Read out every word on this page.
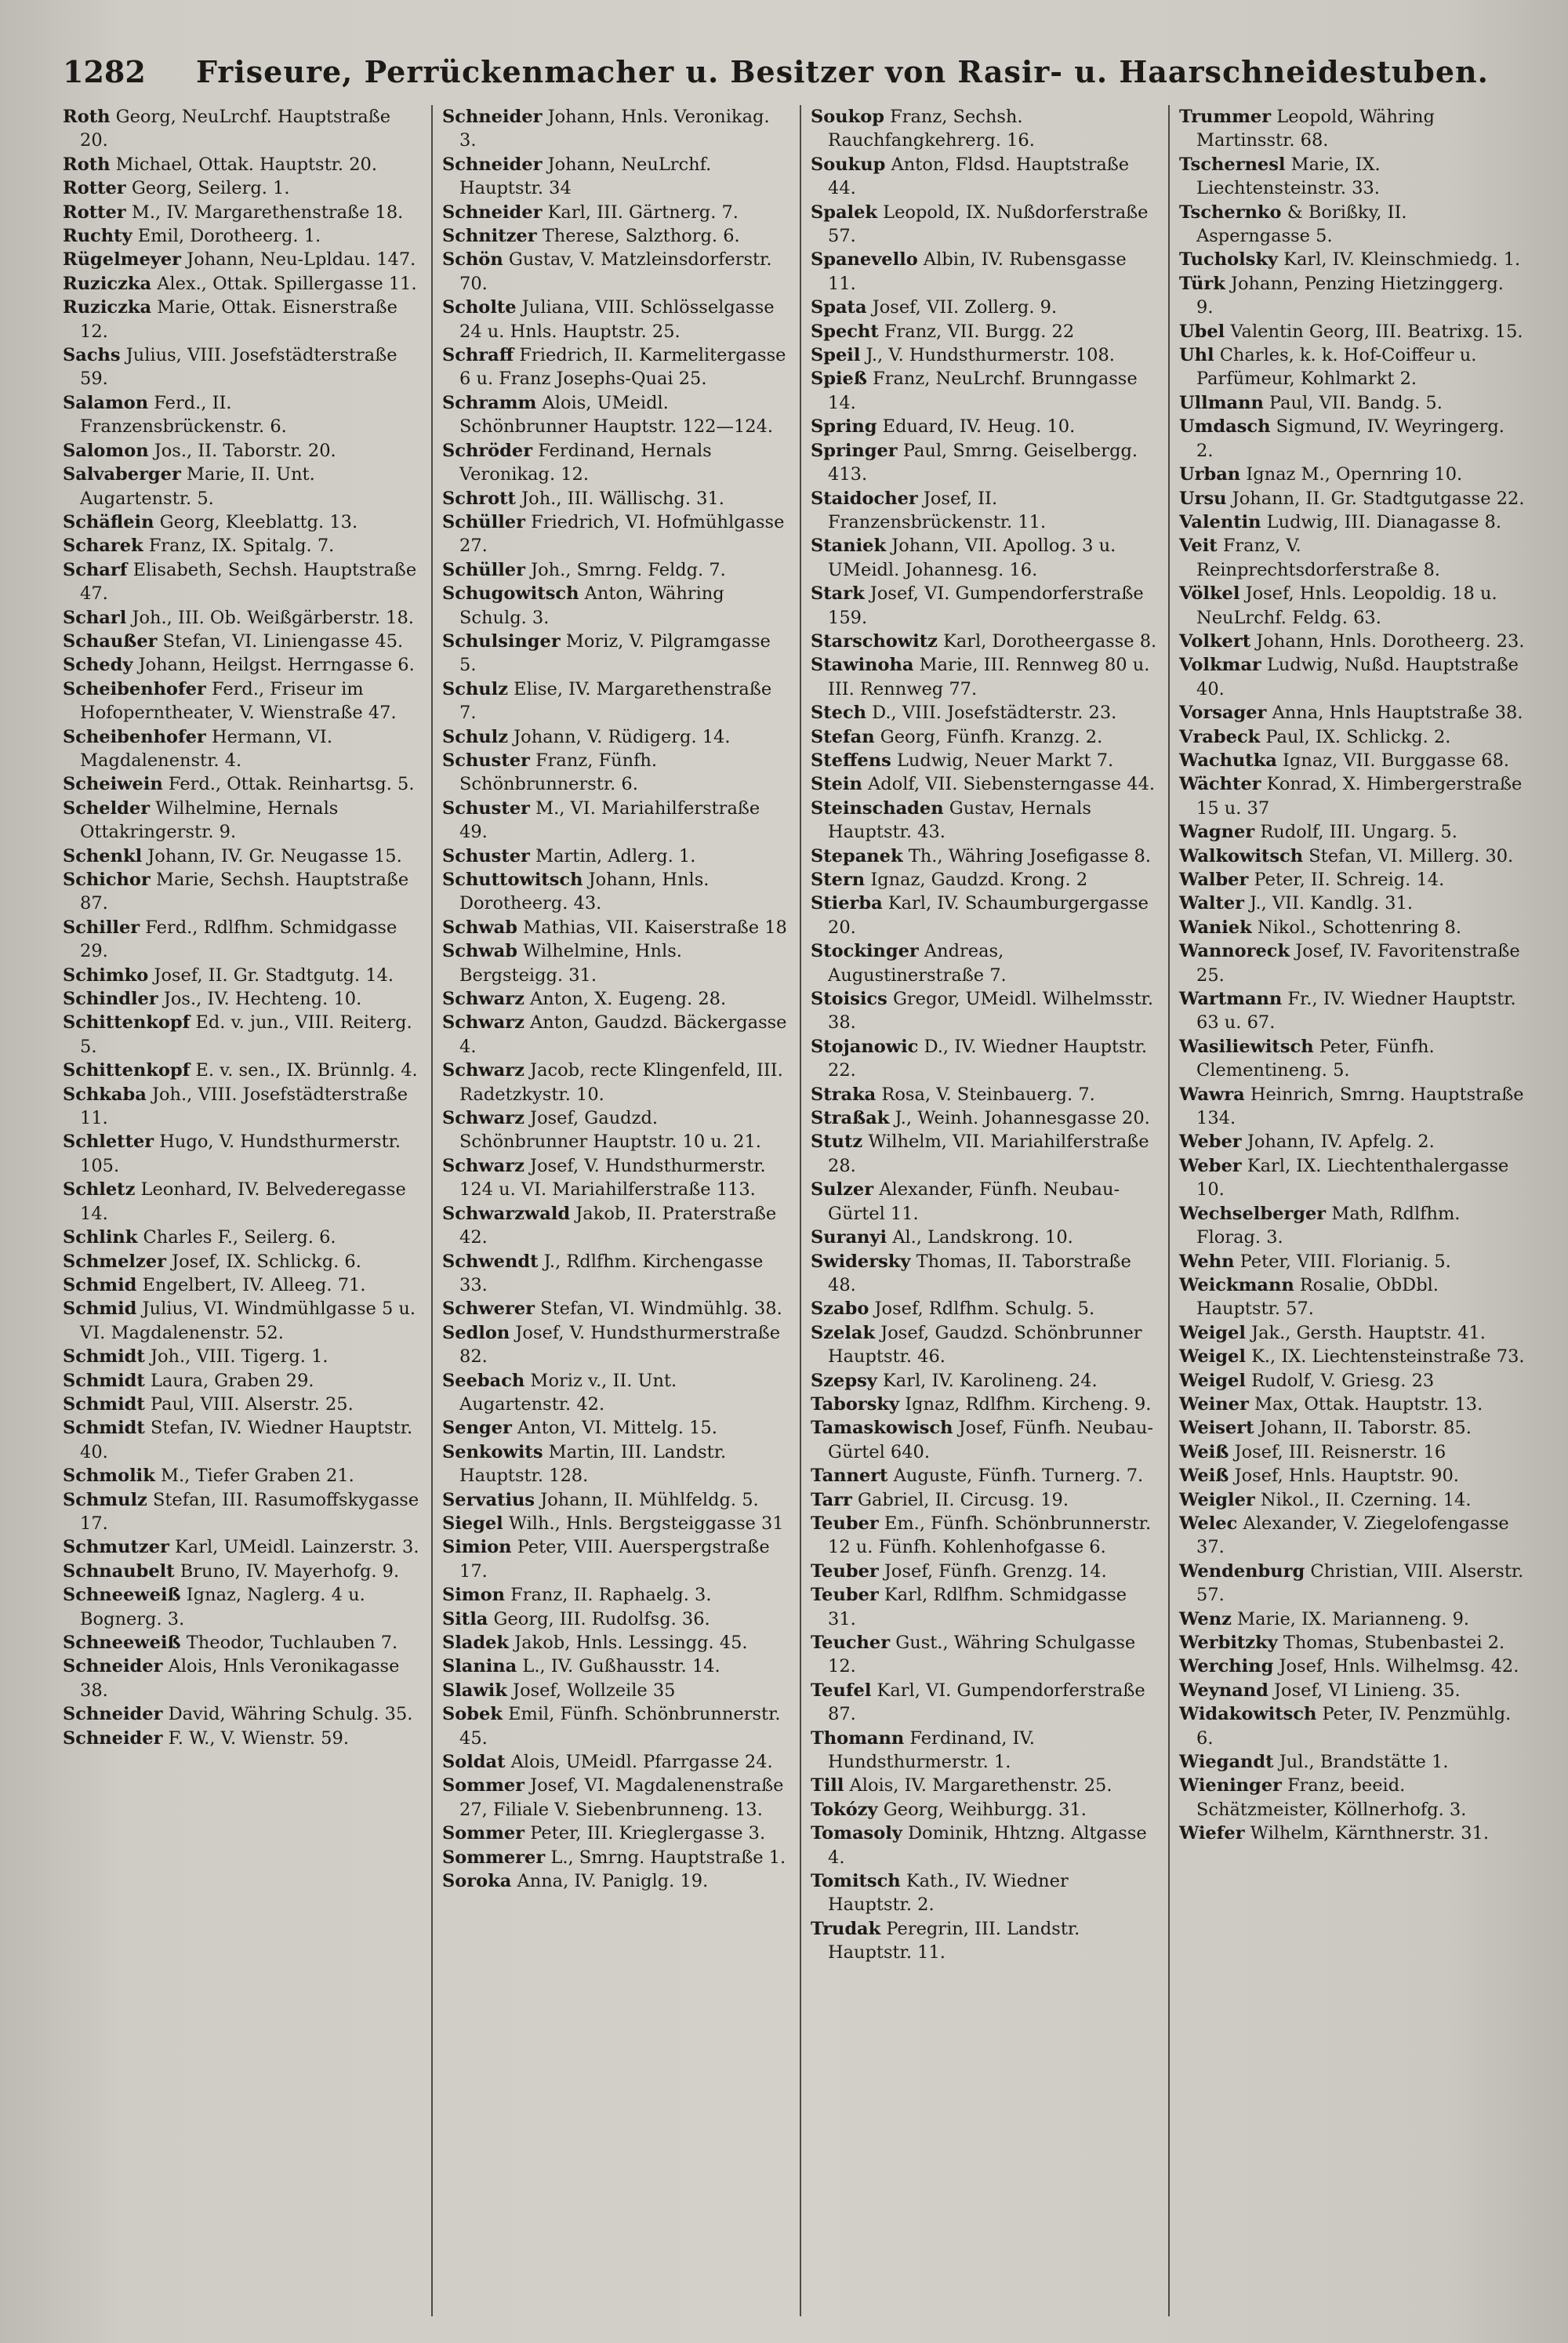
1282	Friseure, Perrückenmacher u. Besitzer von Rasir- u. Haarschneidestuben.
Roth Georg, NeuLrchf. Hauptstraße 20.
Roth Michael, Ottak. Hauptstr. 20.
Rotter Georg, Seilerg. 1.
Rotter M., IV. Margarethenstraße 18.
Ruchty Emil, Dorotheerg. 1.
Rügelmeyer Johann, Neu-Lpldau. 147.
Ruziczka Alex., Ottak. Spillergasse 11.
Ruziczka Marie, Ottak. Eisnerstraße 12.
Sachs Julius, VIII. Josefstädterstraße 59.
Salamon Ferd., II. Franzensbrückenstr. 6.
Salomon Jos., II. Taborstr. 20.
Salvaberger Marie, II. Unt. Augartenstr. 5.
Schäflein Georg, Kleeblattg. 13.
Scharek Franz, IX. Spitalg. 7.
Scharf Elisabeth, Sechsh. Hauptstraße 47.
Scharl Joh., III. Ob. Weißgärberstr. 18.
Schaußer Stefan, VI. Liniengasse 45.
Schedy Johann, Heilgst. Herrngasse 6.
Scheibenhofer Ferd., Friseur im Hofoperntheater, V. Wienstraße 47.
Scheibenhofer Hermann, VI. Magdalenenstr. 4.
Scheiwein Ferd., Ottak. Reinhartsg. 5.
Schelder Wilhelmine, Hernals Ottakringerstr. 9.
Schenkl Johann, IV. Gr. Neugasse 15.
Schichor Marie, Sechsh. Hauptstraße 87.
Schiller Ferd., Rdlfhm. Schmidgasse 29.
Schimko Josef, II. Gr. Stadtgutg. 14.
Schindler Jos., IV. Hechteng. 10.
Schittenkopf Ed. v. jun., VIII. Reiterg. 5.
Schittenkopf E. v. sen., IX. Brünnlg. 4.
Schkaba Joh., VIII. Josefstädterstraße 11.
Schletter Hugo, V. Hundsthurmerstr. 105.
Schletz Leonhard, IV. Belvederegasse 14.
Schlink Charles F., Seilerg. 6.
Schmelzer Josef, IX. Schlickg. 6.
Schmid Engelbert, IV. Alleeg. 71.
Schmid Julius, VI. Windmühlgasse 5 u. VI. Magdalenenstr. 52.
Schmidt Joh., VIII. Tigerg. 1.
Schmidt Laura, Graben 29.
Schmidt Paul, VIII. Alserstr. 25.
Schmidt Stefan, IV. Wiedner Hauptstr. 40.
Schmolik M., Tiefer Graben 21.
Schmulz Stefan, III. Rasumoffskygasse 17.
Schmutzer Karl, UMeidl. Lainzerstr. 3.
Schnaubelt Bruno, IV. Mayerhofg. 9.
Schneeweiß Ignaz, Naglerg. 4 u. Bognerg. 3.
Schneeweiß Theodor, Tuchlauben 7.
Schneider Alois, Hnls Veronikagasse 38.
Schneider David, Währing Schulg. 35.
Schneider F. W., V. Wienstr. 59.
Schneider Johann, Hnls. Veronikag. 3.
Schneider Johann, NeuLrchf. Hauptstr. 34
Schneider Karl, III. Gärtnerg. 7.
Schnitzer Therese, Salzthorg. 6.
Schön Gustav, V. Matzleinsdorferstr. 70.
Scholte Juliana, VIII. Schlösselgasse 24 u. Hnls. Hauptstr. 25.
Schraff Friedrich, II. Karmelitergasse 6 u. Franz Josephs-Quai 25.
Schramm Alois, UMeidl. Schönbrunner Hauptstr. 122—124.
Schröder Ferdinand, Hernals Veronikag. 12.
Schrott Joh., III. Wällischg. 31.
Schüller Friedrich, VI. Hofmühlgasse 27.
Schüller Joh., Smrng. Feldg. 7.
Schugowitsch Anton, Währing Schulg. 3.
Schulsinger Moriz, V. Pilgramgasse 5.
Schulz Elise, IV. Margarethenstraße 7.
Schulz Johann, V. Rüdigerg. 14.
Schuster Franz, Fünfh. Schönbrunnerstr. 6.
Schuster M., VI. Mariahilferstraße 49.
Schuster Martin, Adlerg. 1.
Schuttowitsch Johann, Hnls. Dorotheerg. 43.
Schwab Mathias, VII. Kaiserstraße 18
Schwab Wilhelmine, Hnls. Bergsteigg. 31.
Schwarz Anton, X. Eugeng. 28.
Schwarz Anton, Gaudzd. Bäckergasse 4.
Schwarz Jacob, recte Klingenfeld, III. Radetzkystr. 10.
Schwarz Josef, Gaudzd. Schönbrunner Hauptstr. 10 u. 21.
Schwarz Josef, V. Hundsthurmerstr. 124 u. VI. Mariahilferstraße 113.
Schwarzwald Jakob, II. Praterstraße 42.
Schwendt J., Rdlfhm. Kirchengasse 33.
Schwerer Stefan, VI. Windmühlg. 38.
Sedlon Josef, V. Hundsthurmerstraße 82.
Seebach Moriz v., II. Unt. Augartenstr. 42.
Senger Anton, VI. Mittelg. 15.
Senkowits Martin, III. Landstr. Hauptstr. 128.
Servatius Johann, II. Mühlfeldg. 5.
Siegel Wilh., Hnls. Bergsteiggasse 31
Simion Peter, VIII. Auerspergstraße 17.
Simon Franz, II. Raphaelg. 3.
Sitla Georg, III. Rudolfsg. 36.
Sladek Jakob, Hnls. Lessingg. 45.
Slanina L., IV. Gußhausstr. 14.
Slawik Josef, Wollzeile 35
Sobek Emil, Fünfh. Schönbrunnerstr. 45.
Soldat Alois, UMeidl. Pfarrgasse 24.
Sommer Josef, VI. Magdalenenstraße 27, Filiale V. Siebenbrunneng. 13.
Sommer Peter, III. Krieglergasse 3.
Sommerer L., Smrng. Hauptstraße 1.
Soroka Anna, IV. Paniglg. 19.
Soukop Franz, Sechsh. Rauchfangkehrerg. 16.
Soukup Anton, Fldsd. Hauptstraße 44.
Spalek Leopold, IX. Nußdorferstraße 57.
Spanevello Albin, IV. Rubensgasse 11.
Spata Josef, VII. Zollerg. 9.
Specht Franz, VII. Burgg. 22
Speil J., V. Hundsthurmerstr. 108.
Spieß Franz, NeuLrchf. Brunngasse 14.
Spring Eduard, IV. Heug. 10.
Springer Paul, Smrng. Geiselbergg. 413.
Staidocher Josef, II. Franzensbrückenstr. 11.
Staniek Johann, VII. Apollog. 3 u. UMeidl. Johannesg. 16.
Stark Josef, VI. Gumpendorferstraße 159.
Starschowitz Karl, Dorotheergasse 8.
Stawinoha Marie, III. Rennweg 80 u. III. Rennweg 77.
Stech D., VIII. Josefstädterstr. 23.
Stefan Georg, Fünfh. Kranzg. 2.
Steffens Ludwig, Neuer Markt 7.
Stein Adolf, VII. Siebensterngasse 44.
Steinschaden Gustav, Hernals Hauptstr. 43.
Stepanek Th., Währing Josefigasse 8.
Stern Ignaz, Gaudzd. Krong. 2
Stierba Karl, IV. Schaumburgergasse 20.
Stockinger Andreas, Augustinerstraße 7.
Stoisics Gregor, UMeidl. Wilhelmsstr. 38.
Stojanowic D., IV. Wiedner Hauptstr. 22.
Straka Rosa, V. Steinbauerg. 7.
Straßak J., Weinh. Johannesgasse 20.
Stutz Wilhelm, VII. Mariahilferstraße 28.
Sulzer Alexander, Fünfh. Neubau-Gürtel 11.
Suranyi Al., Landskrong. 10.
Swidersky Thomas, II. Taborstraße 48.
Szabo Josef, Rdlfhm. Schulg. 5.
Szelak Josef, Gaudzd. Schönbrunner Hauptstr. 46.
Szepsy Karl, IV. Karolineng. 24.
Taborsky Ignaz, Rdlfhm. Kircheng. 9.
Tamaskowisch Josef, Fünfh. Neubau-Gürtel 640.
Tannert Auguste, Fünfh. Turnerg. 7.
Tarr Gabriel, II. Circusg. 19.
Teuber Em., Fünfh. Schönbrunnerstr. 12 u. Fünfh. Kohlenhofgasse 6.
Teuber Josef, Fünfh. Grenzg. 14.
Teuber Karl, Rdlfhm. Schmidgasse 31.
Teucher Gust., Währing Schulgasse 12.
Teufel Karl, VI. Gumpendorferstraße 87.
Thomann Ferdinand, IV. Hundsthurmerstr. 1.
Till Alois, IV. Margarethenstr. 25.
Tokózy Georg, Weihburgg. 31.
Tomasoly Dominik, Hhtzng. Altgasse 4.
Tomitsch Kath., IV. Wiedner Hauptstr. 2.
Trudak Peregrin, III. Landstr. Hauptstr. 11.
Trummer Leopold, Währing Martinsstr. 68.
Tschernesl Marie, IX. Liechtensteinstr. 33.
Tschernko & Borißky, II. Asperngasse 5.
Tucholsky Karl, IV. Kleinschmiedg. 1.
Türk Johann, Penzing Hietzinggerg. 9.
Ubel Valentin Georg, III. Beatrixg. 15.
Uhl Charles, k. k. Hof-Coiffeur u. Parfümeur, Kohlmarkt 2.
Ullmann Paul, VII. Bandg. 5.
Umdasch Sigmund, IV. Weyringerg. 2.
Urban Ignaz M., Opernring 10.
Ursu Johann, II. Gr. Stadtgutgasse 22.
Valentin Ludwig, III. Dianagasse 8.
Veit Franz, V. Reinprechtsdorferstraße 8.
Völkel Josef, Hnls. Leopoldig. 18 u. NeuLrchf. Feldg. 63.
Volkert Johann, Hnls. Dorotheerg. 23.
Volkmar Ludwig, Nußd. Hauptstraße 40.
Vorsager Anna, Hnls Hauptstraße 38.
Vrabeck Paul, IX. Schlickg. 2.
Wachutka Ignaz, VII. Burggasse 68.
Wächter Konrad, X. Himbergerstraße 15 u. 37
Wagner Rudolf, III. Ungarg. 5.
Walkowitsch Stefan, VI. Millerg. 30.
Walber Peter, II. Schreig. 14.
Walter J., VII. Kandlg. 31.
Waniek Nikol., Schottenring 8.
Wannoreck Josef, IV. Favoritenstraße 25.
Wartmann Fr., IV. Wiedner Hauptstr. 63 u. 67.
Wasiliewitsch Peter, Fünfh. Clementineng. 5.
Wawra Heinrich, Smrng. Hauptstraße 134.
Weber Johann, IV. Apfelg. 2.
Weber Karl, IX. Liechtenthalergasse 10.
Wechselberger Math, Rdlfhm. Florag. 3.
Wehn Peter, VIII. Florianig. 5.
Weickmann Rosalie, ObDbl. Hauptstr. 57.
Weigel Jak., Gersth. Hauptstr. 41.
Weigel K., IX. Liechtensteinstraße 73.
Weigel Rudolf, V. Griesg. 23
Weiner Max, Ottak. Hauptstr. 13.
Weisert Johann, II. Taborstr. 85.
Weiß Josef, III. Reisnerstr. 16
Weiß Josef, Hnls. Hauptstr. 90.
Weigler Nikol., II. Czerning. 14.
Welec Alexander, V. Ziegelofengasse 37.
Wendenburg Christian, VIII. Alserstr. 57.
Wenz Marie, IX. Marianneng. 9.
Werbitzky Thomas, Stubenbastei 2.
Werching Josef, Hnls. Wilhelmsg. 42.
Weynand Josef, VI Linieng. 35.
Widakowitsch Peter, IV. Penzmühlg. 6.
Wiegandt Jul., Brandstätte 1.
Wieninger Franz, beeid. Schätzmeister, Köllnerhofg. 3.
Wiefer Wilhelm, Kärnthnerstr. 31.
